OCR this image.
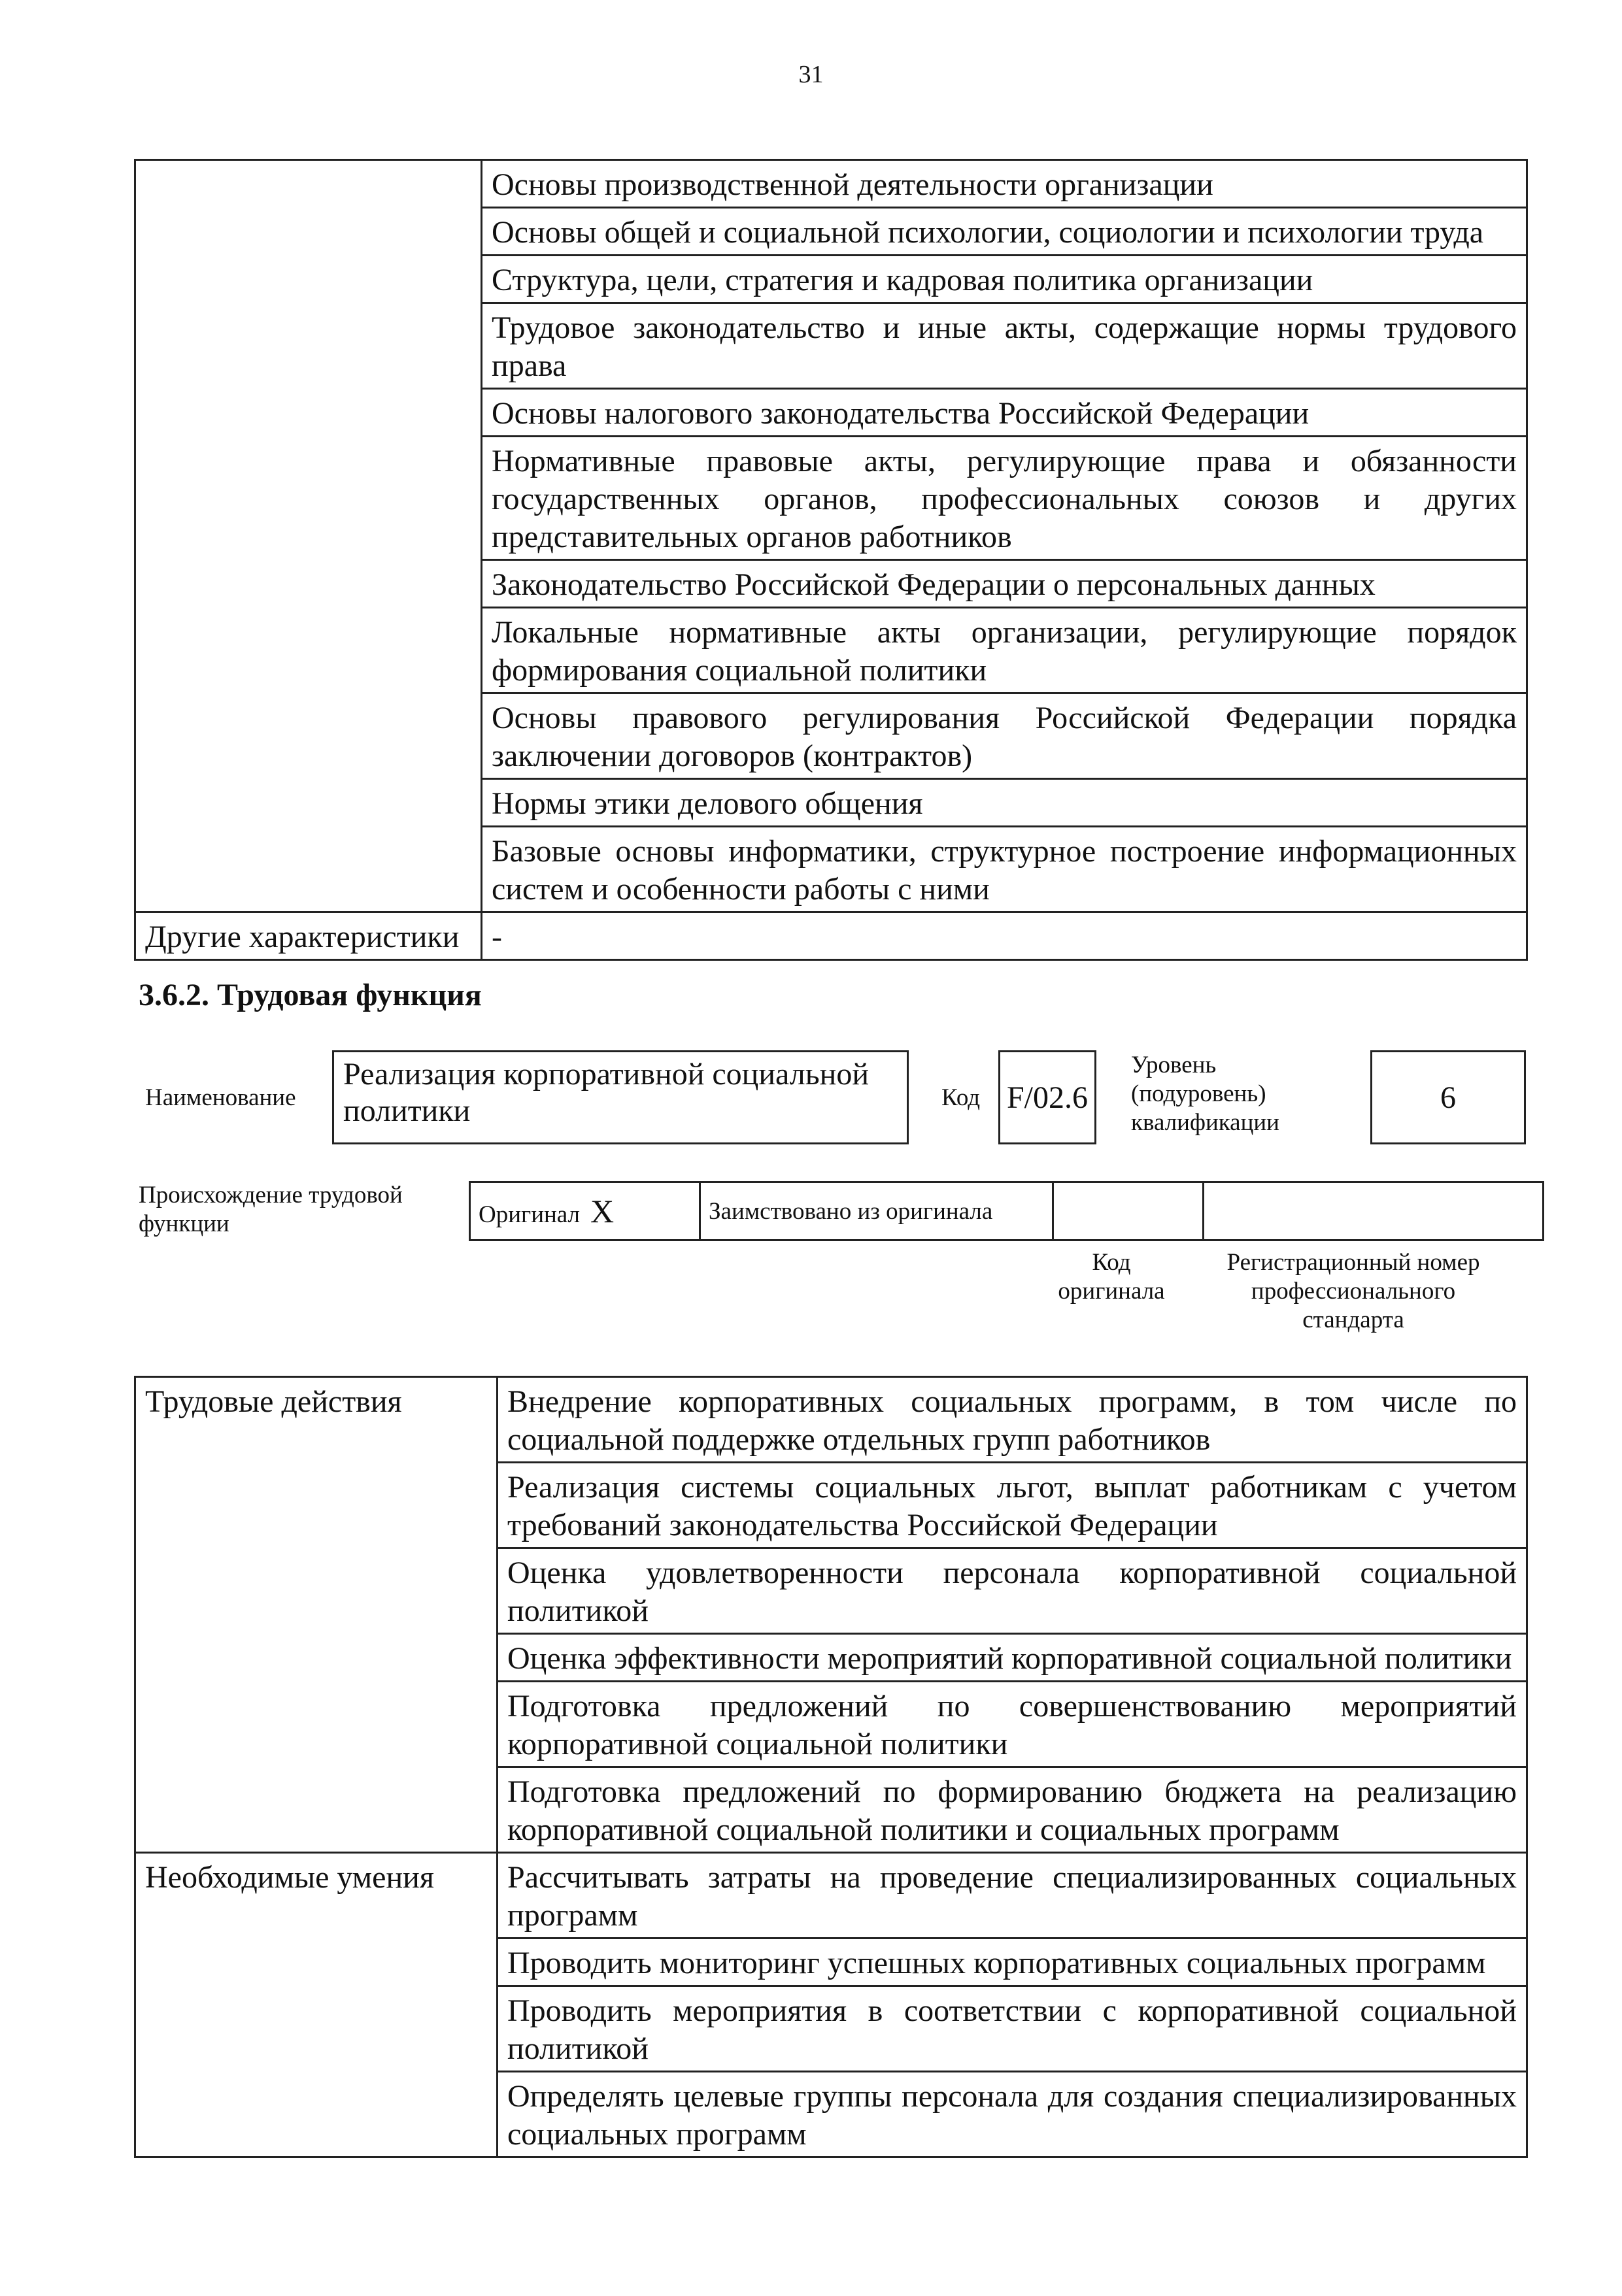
31
	Основы производственной деятельности организации
	Основы общей и социальной психологии, социологии и психологии труда
	Структура, цели, стратегия и кадровая политика организации
	Трудовое законодательство и иные акты, содержащие нормы трудового права
	Основы налогового законодательства Российской Федерации
	Нормативные правовые акты, регулирующие права и обязанности государственных органов, профессиональных союзов и других представительных органов работников
	Законодательство Российской Федерации о персональных данных
	Локальные нормативные акты организации, регулирующие порядок формирования социальной политики
	Основы правового регулирования Российской Федерации порядка заключении договоров (контрактов)
	Нормы этики делового общения
	Базовые основы информатики, структурное построение информационных систем и особенности работы с ними
Другие характеристики	-
3.6.2. Трудовая функция
Наименование
Реализация корпоративной социальной политики	Код F/02.6
Уровень
(подуровень)
квалификации
6
Происхождение трудовой
функции	Оригинал X	Заимствовано из оригинала		
Код
оригинала
Регистрационный номер
профессионального
стандарта
Трудовые действия	Внедрение корпоративных социальных программ, в том числе по социальной поддержке отдельных групп работников
	Реализация системы социальных льгот, выплат работникам с учетом требований законодательства Российской Федерации
	Оценка удовлетворенности персонала корпоративной социальной политикой
	Оценка эффективности мероприятий корпоративной социальной политики
	Подготовка предложений по совершенствованию мероприятий корпоративной социальной политики
	Подготовка предложений по формированию бюджета на реализацию корпоративной социальной политики и социальных программ
Необходимые умения	Рассчитывать затраты на проведение специализированных социальных программ
	Проводить мониторинг успешных корпоративных социальных программ
	Проводить мероприятия в соответствии с корпоративной социальной политикой
	Определять целевые группы персонала для создания специализированных социальных программ
